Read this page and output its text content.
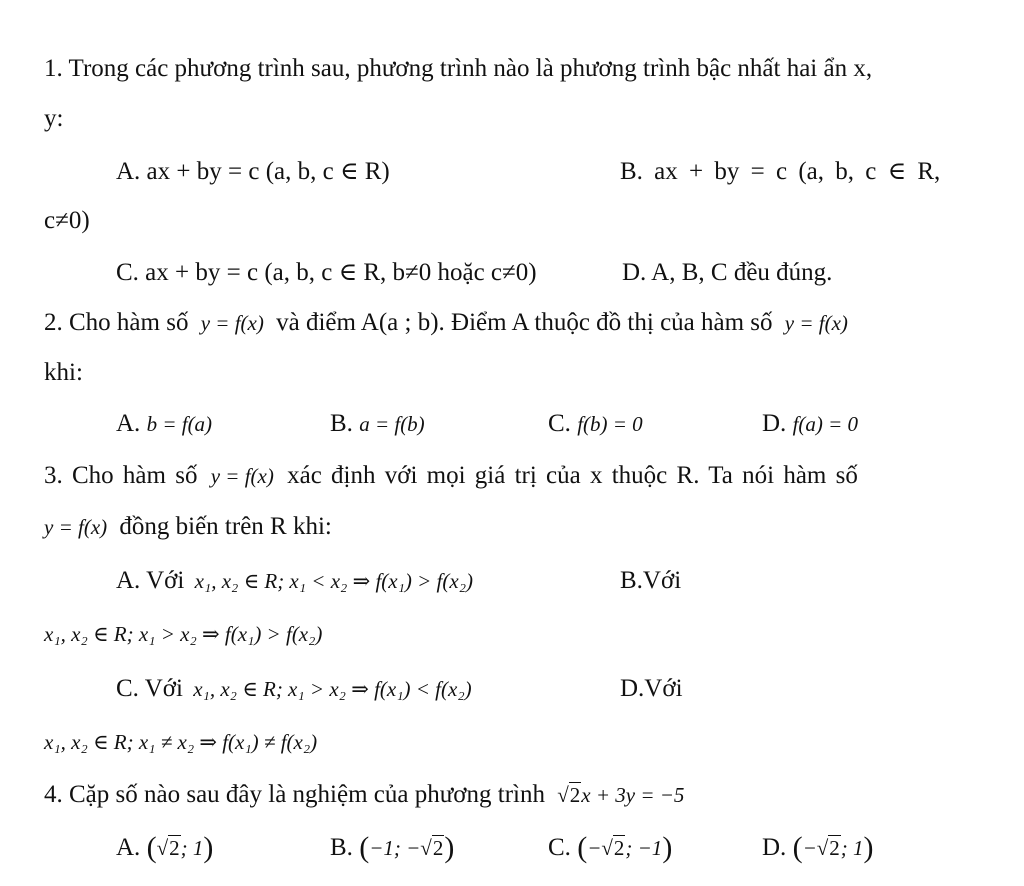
1. Trong các phương trình sau, phương trình nào là phương trình bậc nhất hai ẩn x,
y:
A. ax + by = c (a, b, c ∈ R)	B. ax + by = c (a, b, c ∈ R,
c≠0)
C. ax + by = c (a, b, c ∈ R, b≠0 hoặc c≠0)	D. A, B, C đều đúng.
2. Cho hàm số y = f(x) và điểm A(a ; b). Điểm A thuộc đồ thị của hàm số y = f(x)
khi:
A. b = f(a)	B. a = f(b)	C. f(b) = 0	D. f(a) = 0
3. Cho hàm số y = f(x) xác định với mọi giá trị của x thuộc R. Ta nói hàm số
y = f(x) đồng biến trên R khi:
A. Với x₁, x₂ ∈ R; x₁ < x₂ ⇒ f(x₁) > f(x₂)	B.Với
x₁, x₂ ∈ R; x₁ > x₂ ⇒ f(x₁) > f(x₂)
C. Với x₁, x₂ ∈ R; x₁ > x₂ ⇒ f(x₁) < f(x₂)	D.Với
x₁, x₂ ∈ R; x₁ ≠ x₂ ⇒ f(x₁) ≠ f(x₂)
4. Cặp số nào sau đây là nghiệm của phương trình √2x + 3y = −5
A. (√2; 1)	B. (−1; −√2)	C. (−√2; −1)	D. (−√2; 1)
